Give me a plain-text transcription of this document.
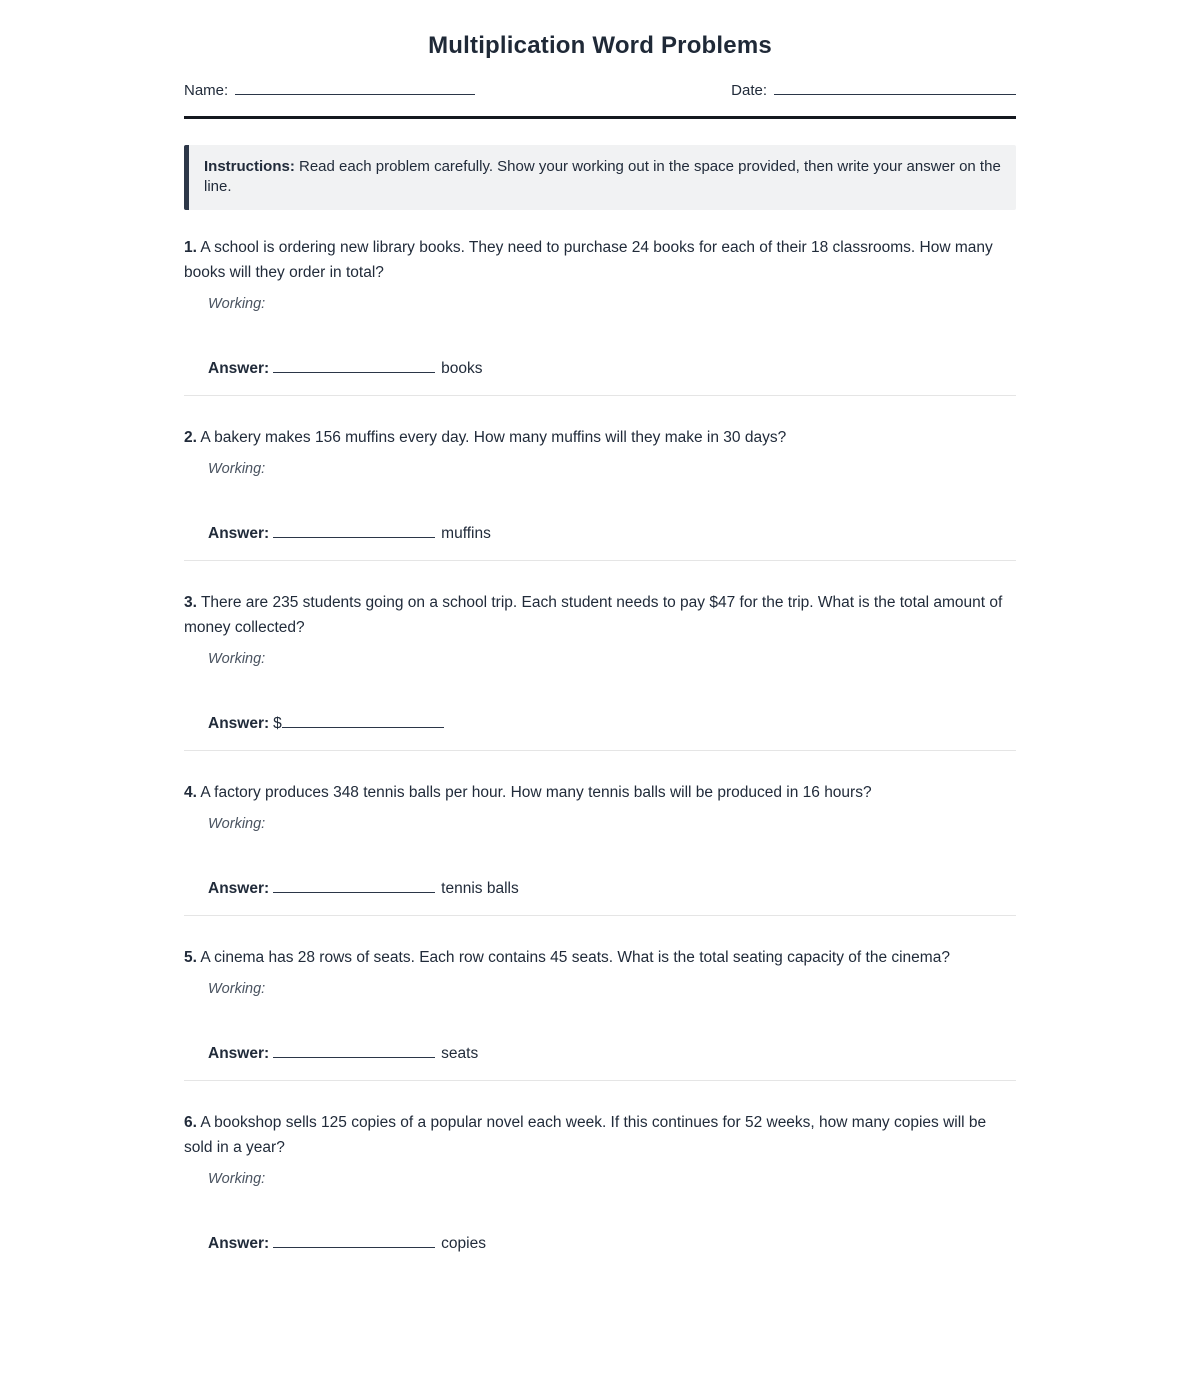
Multiplication Word Problems
Name:	Date:
Instructions: Read each problem carefully. Show your working out in the space provided, then write your answer on the line.

1. A school is ordering new library books. They need to purchase 24 books for each of their 18 classrooms. How many books will they order in total?

Working:

Answer:	books

2. A bakery makes 156 muffins every day. How many muffins will they make in 30 days?

Working:

Answer:	muffins

3. There are 235 students going on a school trip. Each student needs to pay $47 for the trip. What is the total amount of money collected?

Working:

Answer: $

4. A factory produces 348 tennis balls per hour. How many tennis balls will be produced in 16 hours?

Working:

Answer:	tennis balls

5. A cinema has 28 rows of seats. Each row contains 45 seats. What is the total seating capacity of the cinema?

Working:

Answer:	seats

6. A bookshop sells 125 copies of a popular novel each week. If this continues for 52 weeks, how many copies will be sold in a year?

Working:

Answer:	copies
